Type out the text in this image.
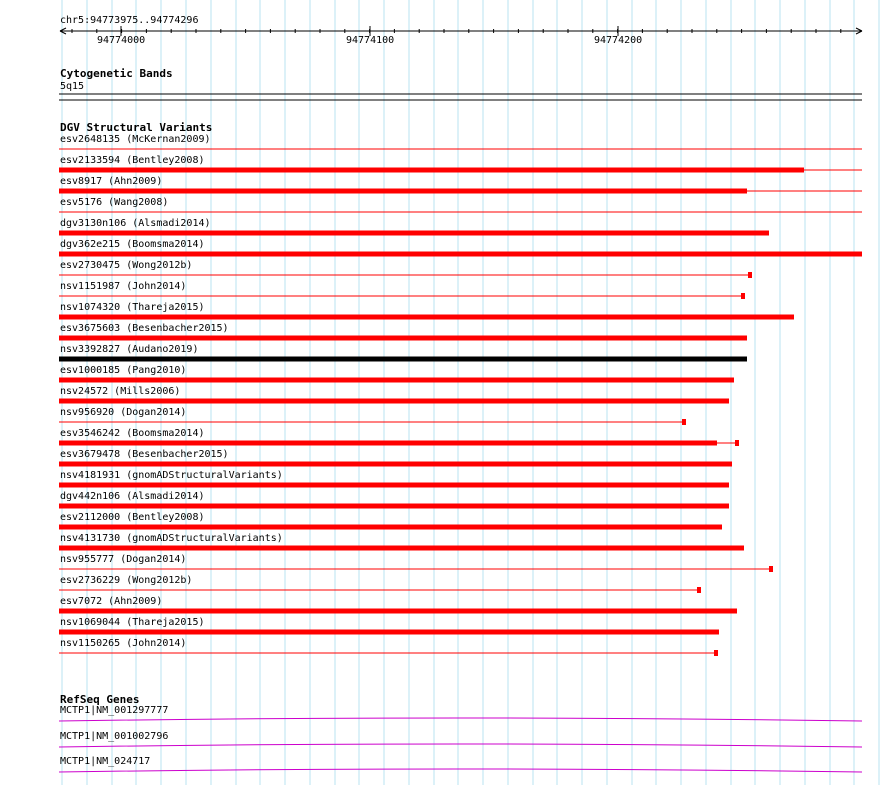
chr5:94773975..94774296
94774000	94774100	94774200
Cytogenetic Bands
5q15
DGV Structural Variants
esv2648135 (McKernan2009)
esv2133594 (Bentley2008)
esv8917 (Ahn2009)
esv5176 (Wang2008)
dgv3130n106 (Alsmadi2014)
dgv362e215 (Boomsma2014)
esv2730475 (Wong2012b)
nsv1151987 (John2014)
nsv1074320 (Thareja2015)
esv3675603 (Besenbacher2015)
nsv3392827 (Audano2019)
esv1000185 (Pang2010)
nsv24572 (Mills2006)
nsv956920 (Dogan2014)
esv3546242 (Boomsma2014)
esv3679478 (Besenbacher2015)
nsv4181931 (gnomADStructuralVariants)
dgv442n106 (Alsmadi2014)
esv2112000 (Bentley2008)
nsv4131730 (gnomADStructuralVariants)
nsv955777 (Dogan2014)
esv2736229 (Wong2012b)
esv7072 (Ahn2009)
nsv1069044 (Thareja2015)
nsv1150265 (John2014)
RefSeq Genes
MCTP1|NM_001297777
MCTP1|NM_001002796
MCTP1|NM_024717
